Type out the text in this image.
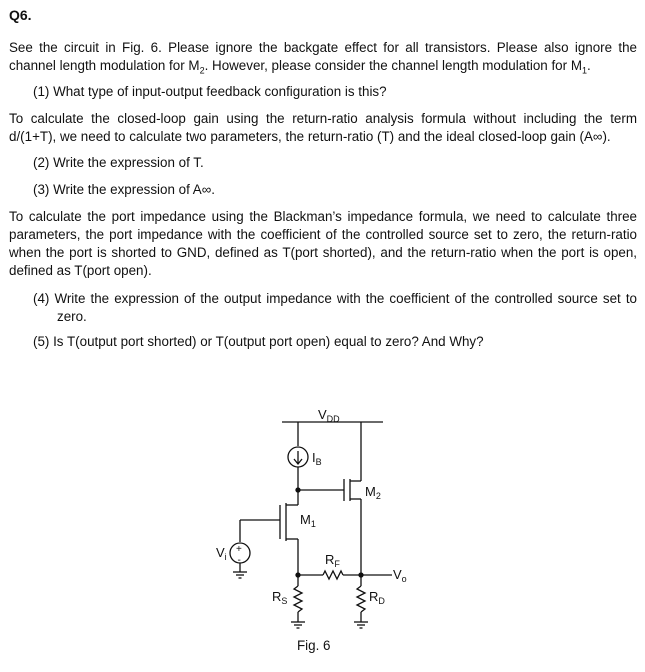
Q6.

See the circuit in Fig. 6. Please ignore the backgate effect for all transistors. Please also ignore the channel length modulation for $M_2$. However, please consider the channel length modulation for $M_1$.

(1) What type of input-output feedback configuration is this?

To calculate the closed-loop gain using the return-ratio analysis formula without including the term d/(1+T), we need to calculate two parameters, the return-ratio (T) and the ideal closed-loop gain (A∞).

(2) Write the expression of T.

(3) Write the expression of A∞.

To calculate the port impedance using the Blackman’s impedance formula, we need to calculate three parameters, the port impedance with the coefficient of the controlled source set to zero, the return-ratio when the port is shorted to GND, defined as T(port shorted), and the return-ratio when the port is open, defined as T(port open).

(4) Write the expression of the output impedance with the coefficient of the controlled source set to zero.

(5) Is T(output port shorted) or T(output port open) equal to zero? And Why?

$V_{DD}$
$I_B$
$M_2$
$M_1$
+
-
$V_i$	$R_F$
$V_o$
$R_S$	$R_D$
Fig. 6
